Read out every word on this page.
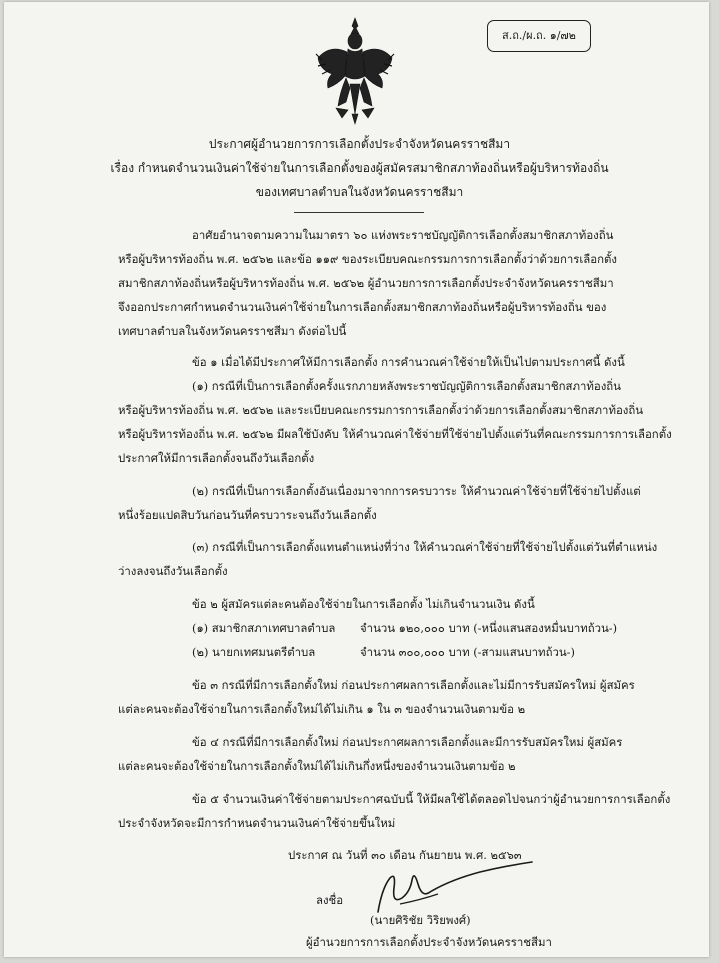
ส.ถ./ผ.ถ. ๑/๗๒
ประกาศผู้อำนวยการการเลือกตั้งประจำจังหวัดนครราชสีมา
เรื่อง กำหนดจำนวนเงินค่าใช้จ่ายในการเลือกตั้งของผู้สมัครสมาชิกสภาท้องถิ่นหรือผู้บริหารท้องถิ่น
ของเทศบาลตำบลในจังหวัดนครราชสีมา
อาศัยอำนาจตามความในมาตรา ๖๐ แห่งพระราชบัญญัติการเลือกตั้งสมาชิกสภาท้องถิ่น
หรือผู้บริหารท้องถิ่น พ.ศ. ๒๕๖๒ และข้อ ๑๑๙ ของระเบียบคณะกรรมการการเลือกตั้งว่าด้วยการเลือกตั้ง
สมาชิกสภาท้องถิ่นหรือผู้บริหารท้องถิ่น พ.ศ. ๒๕๖๒ ผู้อำนวยการการเลือกตั้งประจำจังหวัดนครราชสีมา
จึงออกประกาศกำหนดจำนวนเงินค่าใช้จ่ายในการเลือกตั้งสมาชิกสภาท้องถิ่นหรือผู้บริหารท้องถิ่น ของ
เทศบาลตำบลในจังหวัดนครราชสีมา ดังต่อไปนี้
ข้อ ๑ เมื่อได้มีประกาศให้มีการเลือกตั้ง การคำนวณค่าใช้จ่ายให้เป็นไปตามประกาศนี้ ดังนี้
(๑) กรณีที่เป็นการเลือกตั้งครั้งแรกภายหลังพระราชบัญญัติการเลือกตั้งสมาชิกสภาท้องถิ่น
หรือผู้บริหารท้องถิ่น พ.ศ. ๒๕๖๒ และระเบียบคณะกรรมการการเลือกตั้งว่าด้วยการเลือกตั้งสมาชิกสภาท้องถิ่น
หรือผู้บริหารท้องถิ่น พ.ศ. ๒๕๖๒ มีผลใช้บังคับ ให้คำนวณค่าใช้จ่ายที่ใช้จ่ายไปตั้งแต่วันที่คณะกรรมการการเลือกตั้ง
ประกาศให้มีการเลือกตั้งจนถึงวันเลือกตั้ง
(๒) กรณีที่เป็นการเลือกตั้งอันเนื่องมาจากการครบวาระ ให้คำนวณค่าใช้จ่ายที่ใช้จ่ายไปตั้งแต่
หนึ่งร้อยแปดสิบวันก่อนวันที่ครบวาระจนถึงวันเลือกตั้ง
(๓) กรณีที่เป็นการเลือกตั้งแทนตำแหน่งที่ว่าง ให้คำนวณค่าใช้จ่ายที่ใช้จ่ายไปตั้งแต่วันที่ตำแหน่ง
ว่างลงจนถึงวันเลือกตั้ง
ข้อ ๒ ผู้สมัครแต่ละคนต้องใช้จ่ายในการเลือกตั้ง ไม่เกินจำนวนเงิน ดังนี้
(๑) สมาชิกสภาเทศบาลตำบล จำนวน ๑๒๐,๐๐๐ บาท (-หนึ่งแสนสองหมื่นบาทถ้วน-)
(๒) นายกเทศมนตรีตำบล	จำนวน ๓๐๐,๐๐๐ บาท (-สามแสนบาทถ้วน-)
ข้อ ๓ กรณีที่มีการเลือกตั้งใหม่ ก่อนประกาศผลการเลือกตั้งและไม่มีการรับสมัครใหม่ ผู้สมัคร
แต่ละคนจะต้องใช้จ่ายในการเลือกตั้งใหม่ได้ไม่เกิน ๑ ใน ๓ ของจำนวนเงินตามข้อ ๒
ข้อ ๔ กรณีที่มีการเลือกตั้งใหม่ ก่อนประกาศผลการเลือกตั้งและมีการรับสมัครใหม่ ผู้สมัคร
แต่ละคนจะต้องใช้จ่ายในการเลือกตั้งใหม่ได้ไม่เกินกึ่งหนึ่งของจำนวนเงินตามข้อ ๒
ข้อ ๕ จำนวนเงินค่าใช้จ่ายตามประกาศฉบับนี้ ให้มีผลใช้ได้ตลอดไปจนกว่าผู้อำนวยการการเลือกตั้ง
ประจำจังหวัดจะมีการกำหนดจำนวนเงินค่าใช้จ่ายขึ้นใหม่
ประกาศ ณ วันที่ ๓๐ เดือน กันยายน พ.ศ. ๒๕๖๓
ลงชื่อ
(นายศิริชัย วิริยพงศ์)
ผู้อำนวยการการเลือกตั้งประจำจังหวัดนครราชสีมา
